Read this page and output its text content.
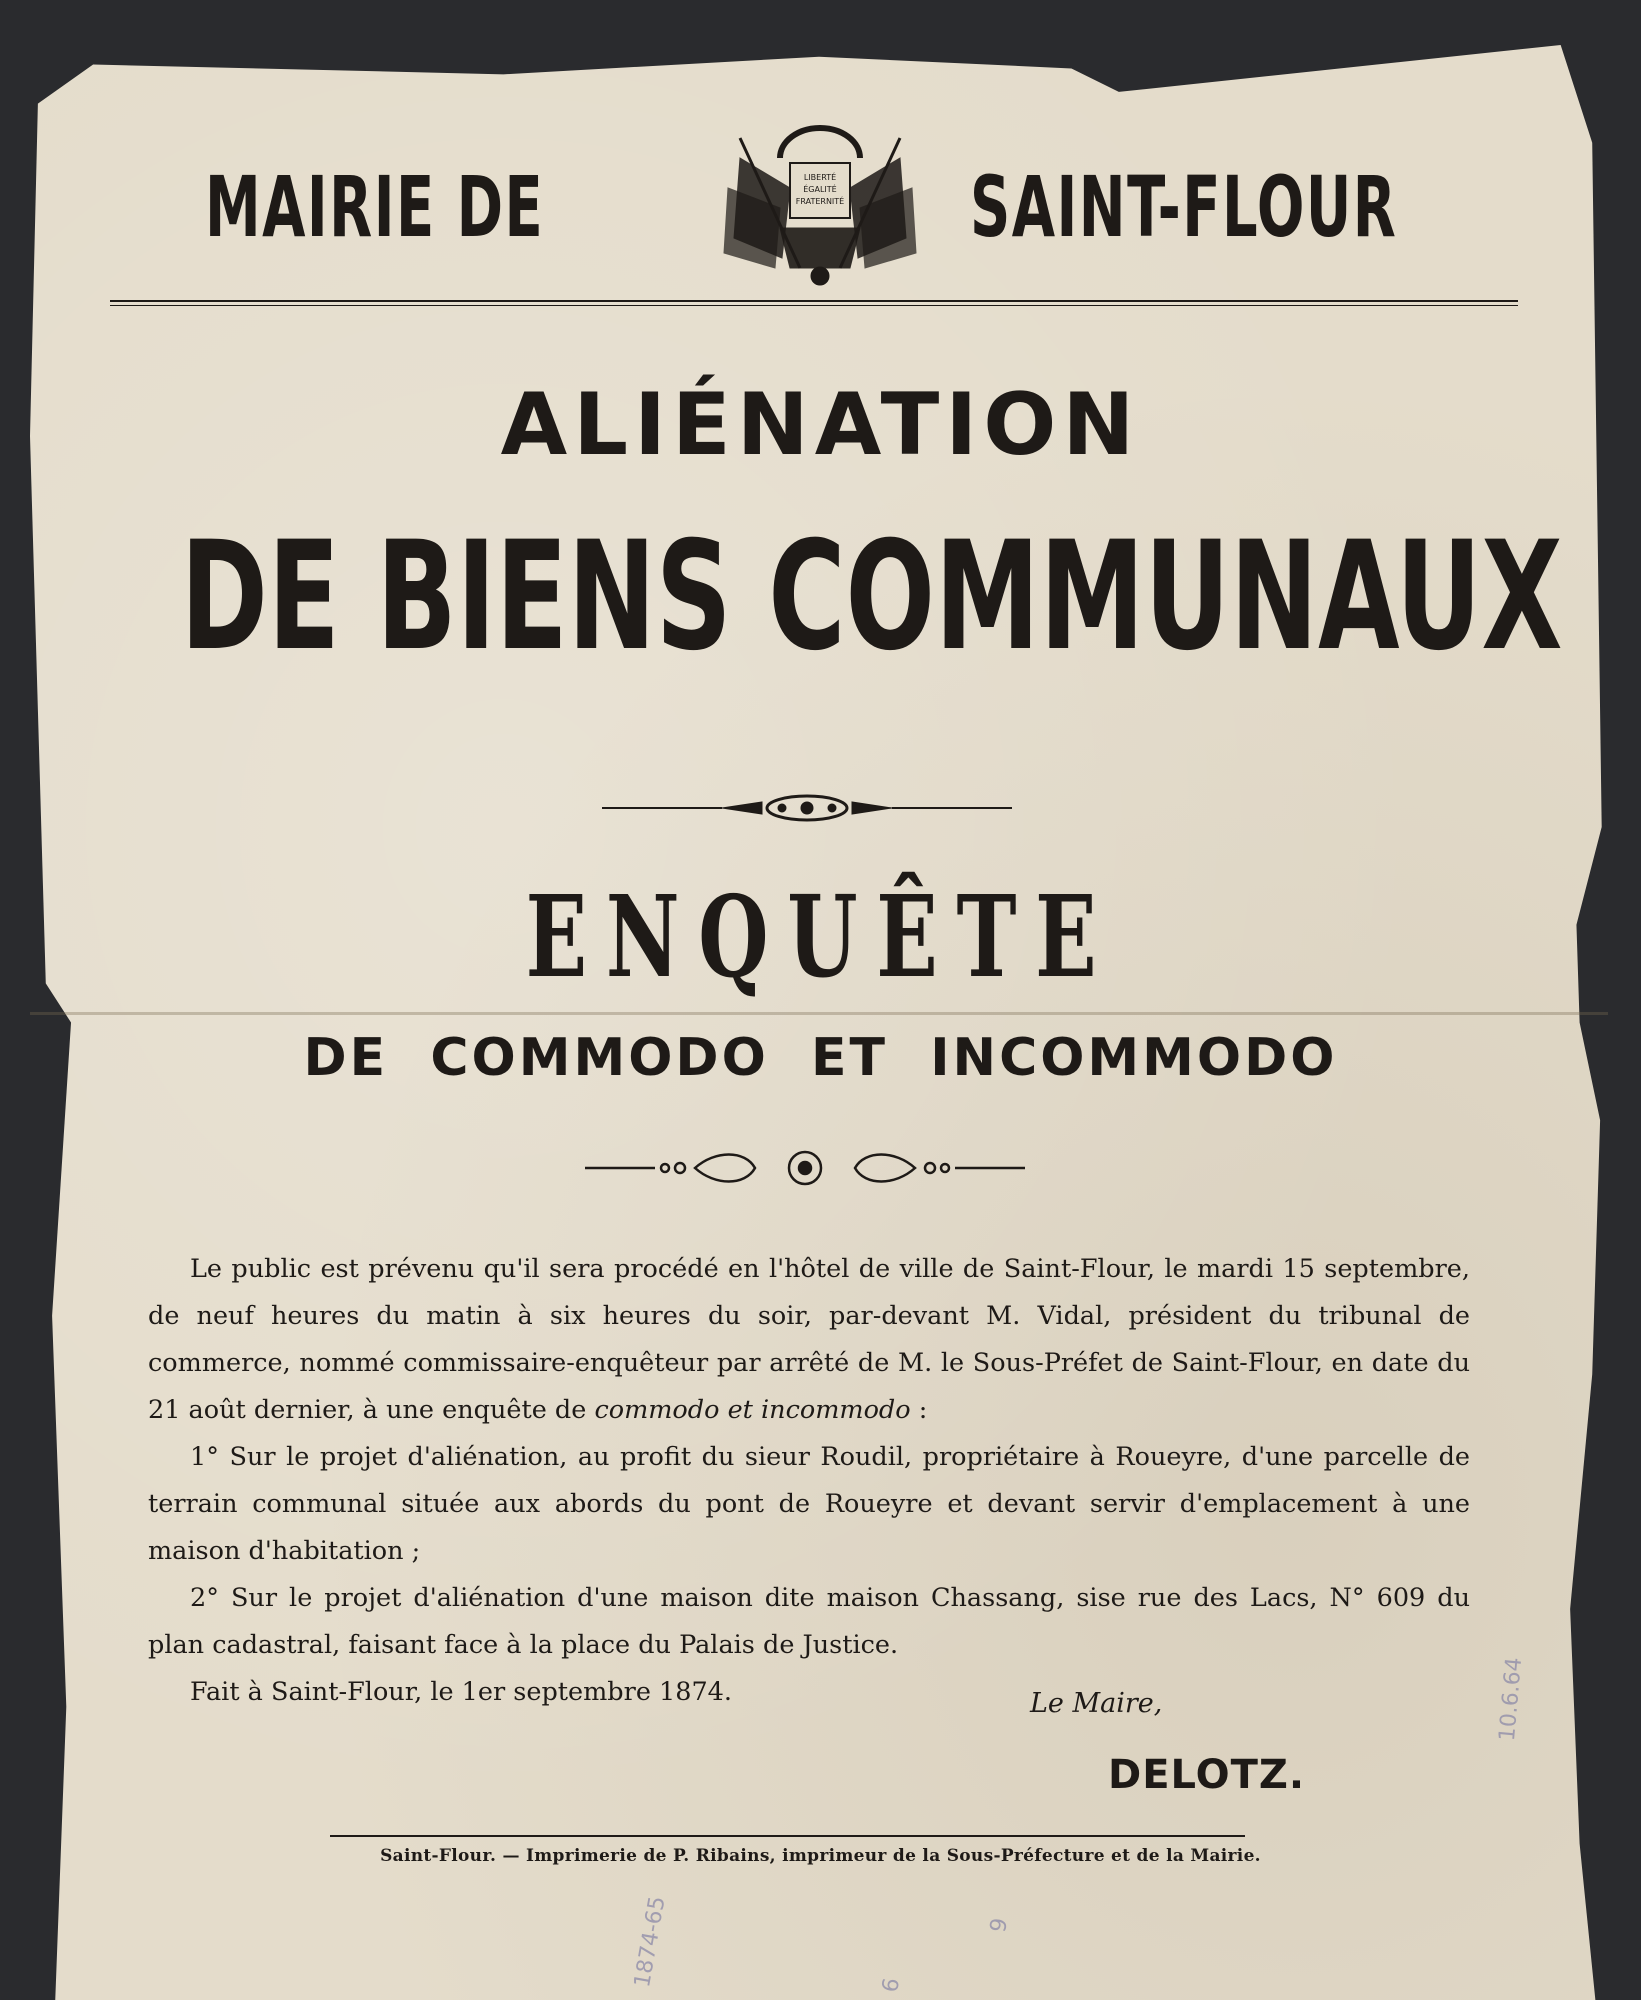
MAIRIE DE	LIBERTÉ
ÉGALITÉ
FRATERNITÉ SAINT-FLOUR
ALIÉNATION
DE BIENS COMMUNAUX
ENQUÊTE
DE  COMMODO  ET  INCOMMODO

Le public est prévenu qu'il sera procédé en l'hôtel de ville de Saint-Flour, le mardi 15 septembre, de neuf heures du matin à six heures du soir, par-devant M. Vidal, président du tribunal de commerce, nommé commissaire-enquêteur par arrêté de M. le Sous-Préfet de Saint-Flour, en date du 21 août dernier, à une enquête de commodo et incommodo :

1° Sur le projet d'aliénation, au profit du sieur Roudil, propriétaire à Roueyre, d'une parcelle de terrain communal située aux abords du pont de Roueyre et devant servir d'emplacement à une maison d'habitation ;

2° Sur le projet d'aliénation d'une maison dite maison Chassang, sise rue des Lacs, N° 609 du plan cadastral, faisant face à la place du Palais de Justice.

Fait à Saint-Flour, le 1er septembre 1874.	Le Maire,
DELOTZ.
Saint-Flour. — Imprimerie de P. Ribains, imprimeur de la Sous-Préfecture et de la Mairie.
10.6.64
1874-65	6
9
